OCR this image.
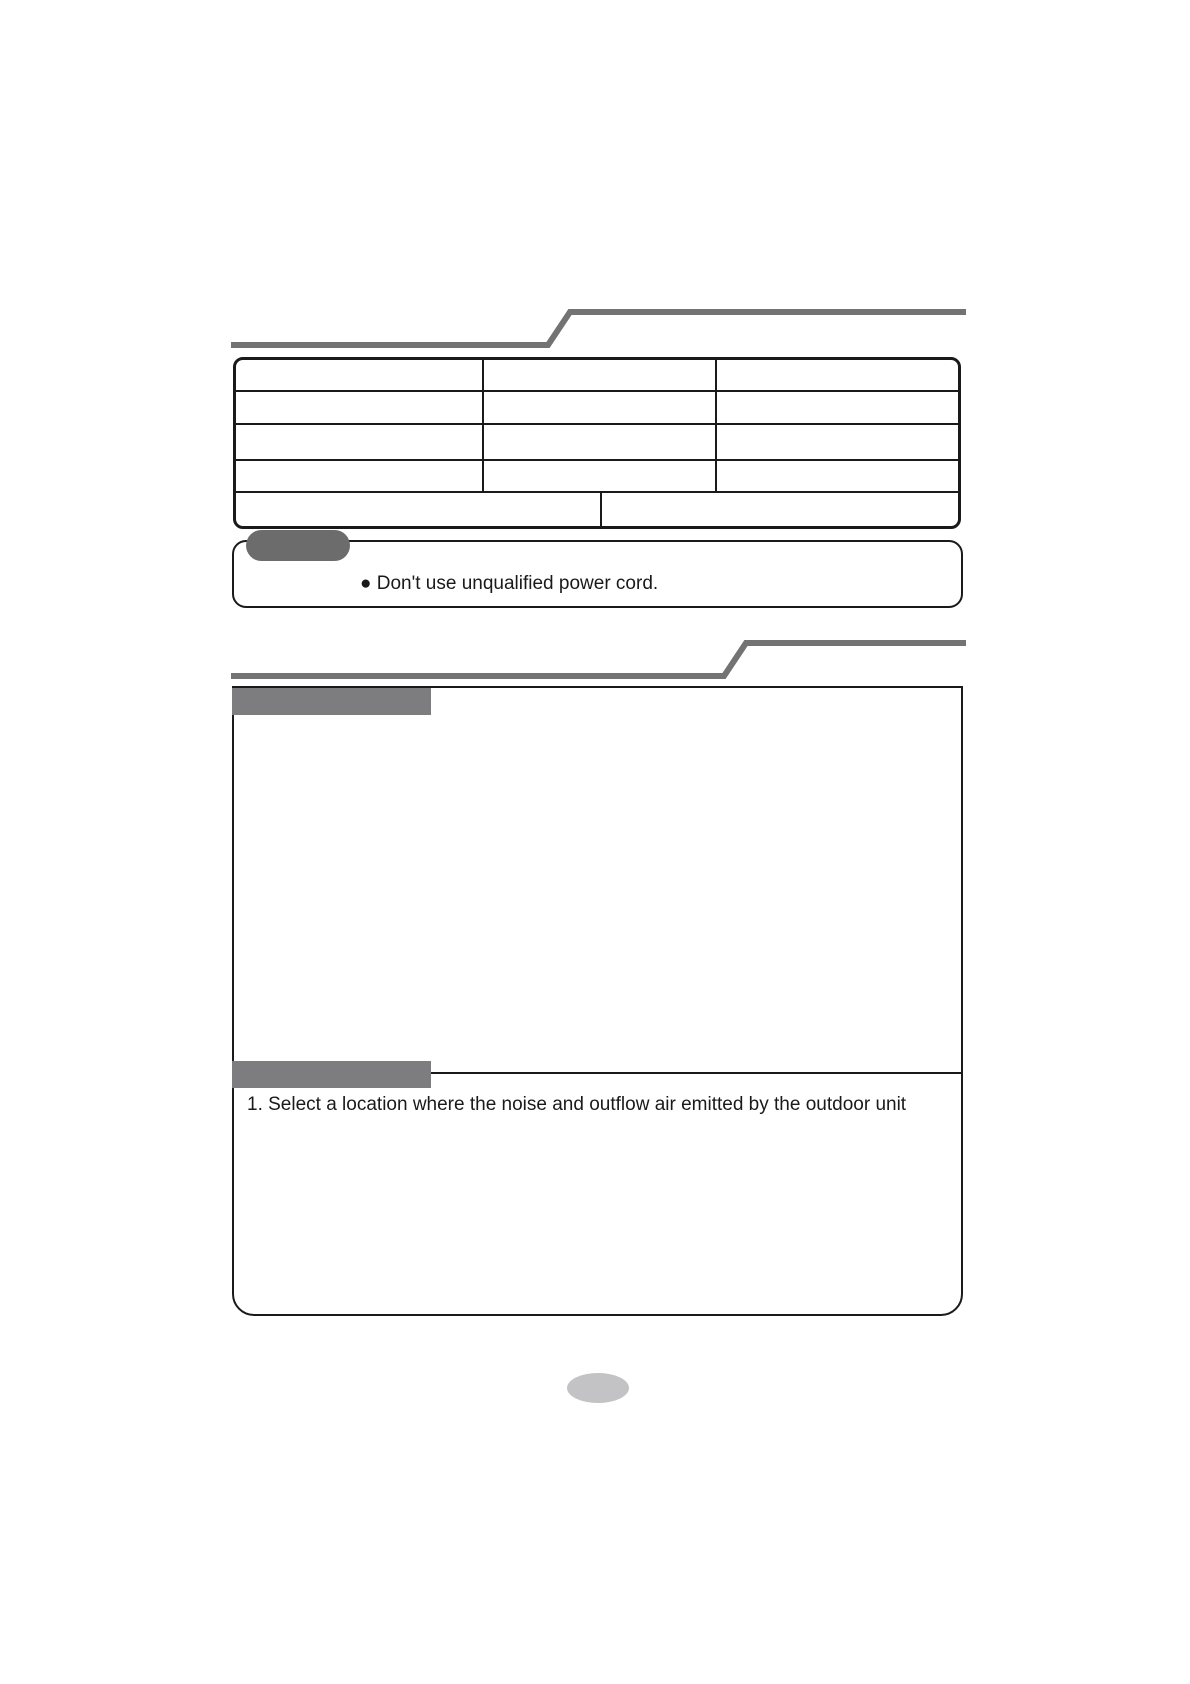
● Don't use unqualified power cord.
1. Select a location where the noise and outflow air emitted by the outdoor unit
